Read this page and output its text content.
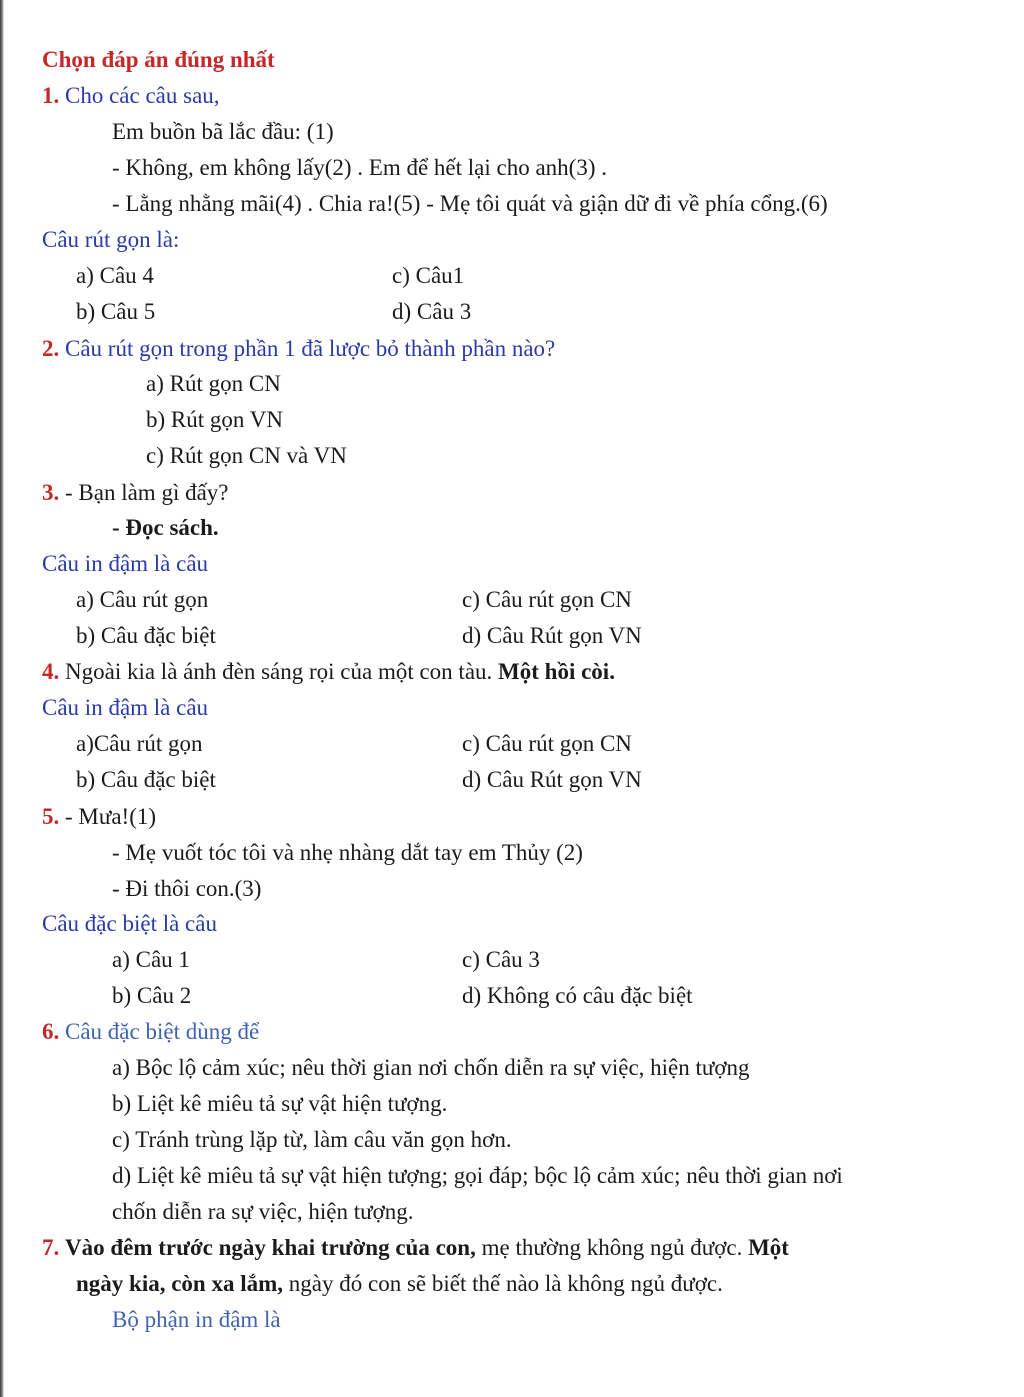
Chọn đáp án đúng nhất
1. Cho các câu sau,
Em buồn bã lắc đầu: (1)
- Không, em không lấy(2) . Em để hết lại cho anh(3) .
- Lằng nhằng mãi(4) . Chia ra!(5) - Mẹ tôi quát và giận dữ đi về phía cổng.(6)
Câu rút gọn là:
a) Câu 4	c) Câu1
b) Câu 5	d) Câu 3
2. Câu rút gọn trong phần 1 đã lược bỏ thành phần nào?
a) Rút gọn CN
b) Rút gọn VN
c) Rút gọn CN và VN
3. - Bạn làm gì đấy?
- Đọc sách.
Câu in đậm là câu
a) Câu rút gọn	c) Câu rút gọn CN
b) Câu đặc biệt	d) Câu Rút gọn VN
4. Ngoài kia là ánh đèn sáng rọi của một con tàu. Một hồi còi.
Câu in đậm là câu
a)Câu rút gọn	c) Câu rút gọn CN
b) Câu đặc biệt	d) Câu Rút gọn VN
5. - Mưa!(1)
- Mẹ vuốt tóc tôi và nhẹ nhàng dắt tay em Thủy (2)
- Đi thôi con.(3)
Câu đặc biệt là câu
a) Câu 1	c) Câu 3
b) Câu 2	d) Không có câu đặc biệt
6. Câu đặc biệt dùng để
a) Bộc lộ cảm xúc; nêu thời gian nơi chốn diễn ra sự việc, hiện tượng
b) Liệt kê miêu tả sự vật hiện tượng.
c) Tránh trùng lặp từ, làm câu văn gọn hơn.
d) Liệt kê miêu tả sự vật hiện tượng; gọi đáp; bộc lộ cảm xúc; nêu thời gian nơi
chốn diễn ra sự việc, hiện tượng.
7. Vào đêm trước ngày khai trường của con, mẹ thường không ngủ được. Một
ngày kia, còn xa lắm, ngày đó con sẽ biết thế nào là không ngủ được.
Bộ phận in đậm là
